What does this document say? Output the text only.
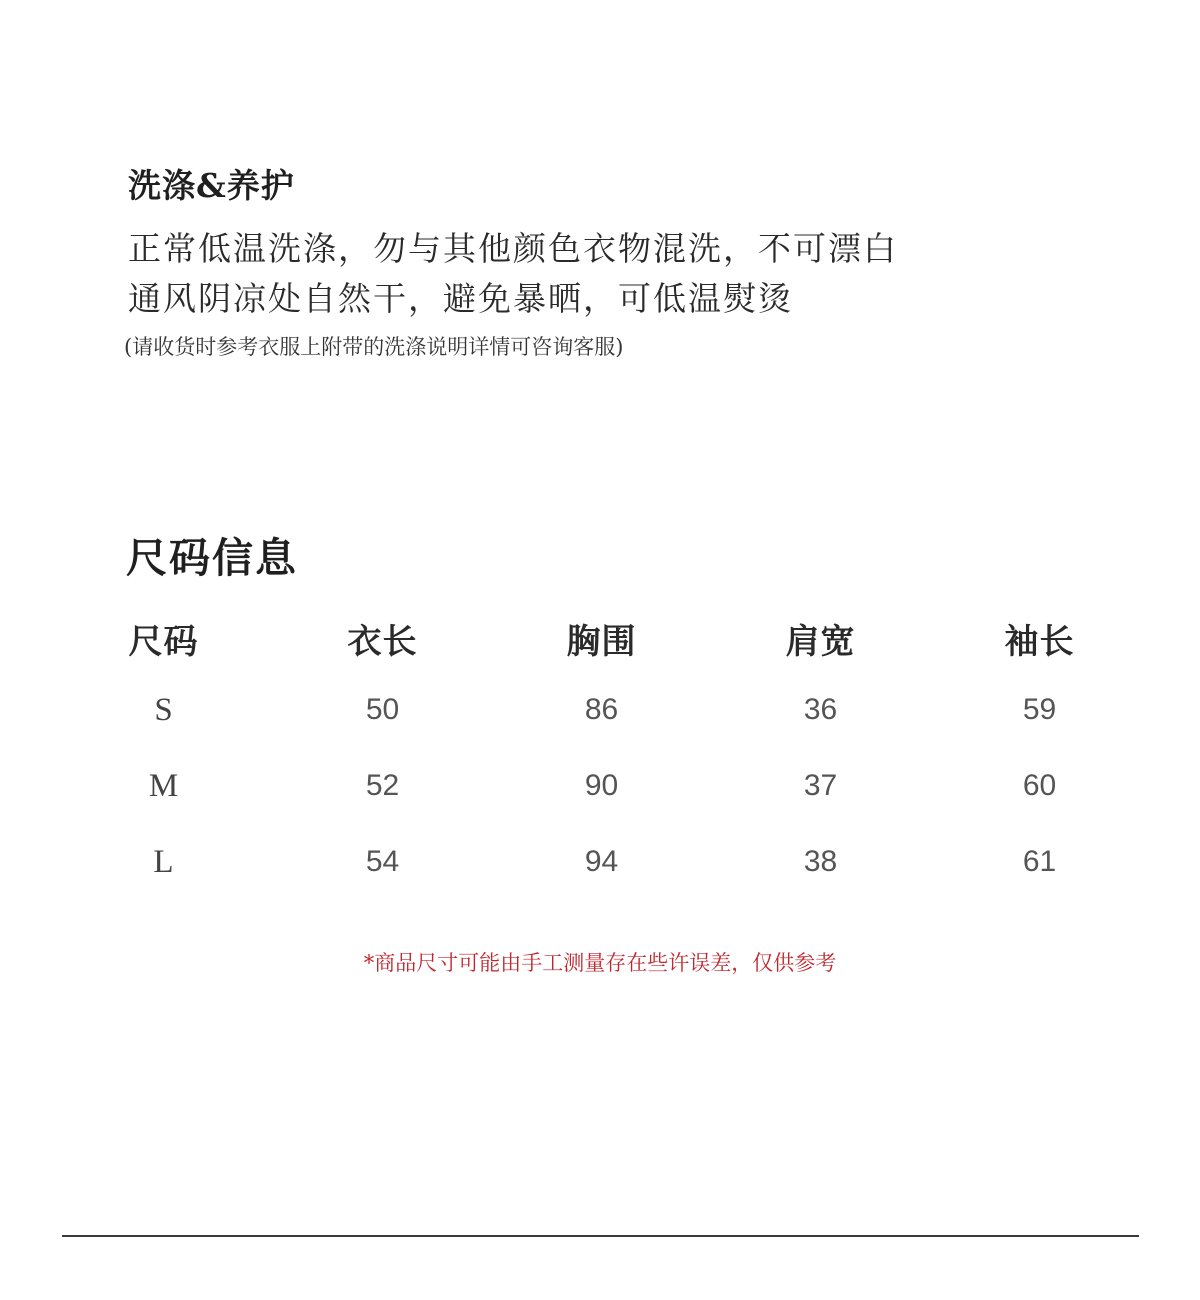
洗涤&养护
正常低温洗涤，勿与其他颜色衣物混洗，不可漂白
通风阴凉处自然干，避免暴晒，可低温熨烫
(请收货时参考衣服上附带的洗涤说明详情可咨询客服)
尺码信息
尺码	衣长	胸围	肩宽	袖长
S	50	86	36	59
M	52	90	37	60
L	54	94	38	61
*商品尺寸可能由手工测量存在些许误差，仅供参考
